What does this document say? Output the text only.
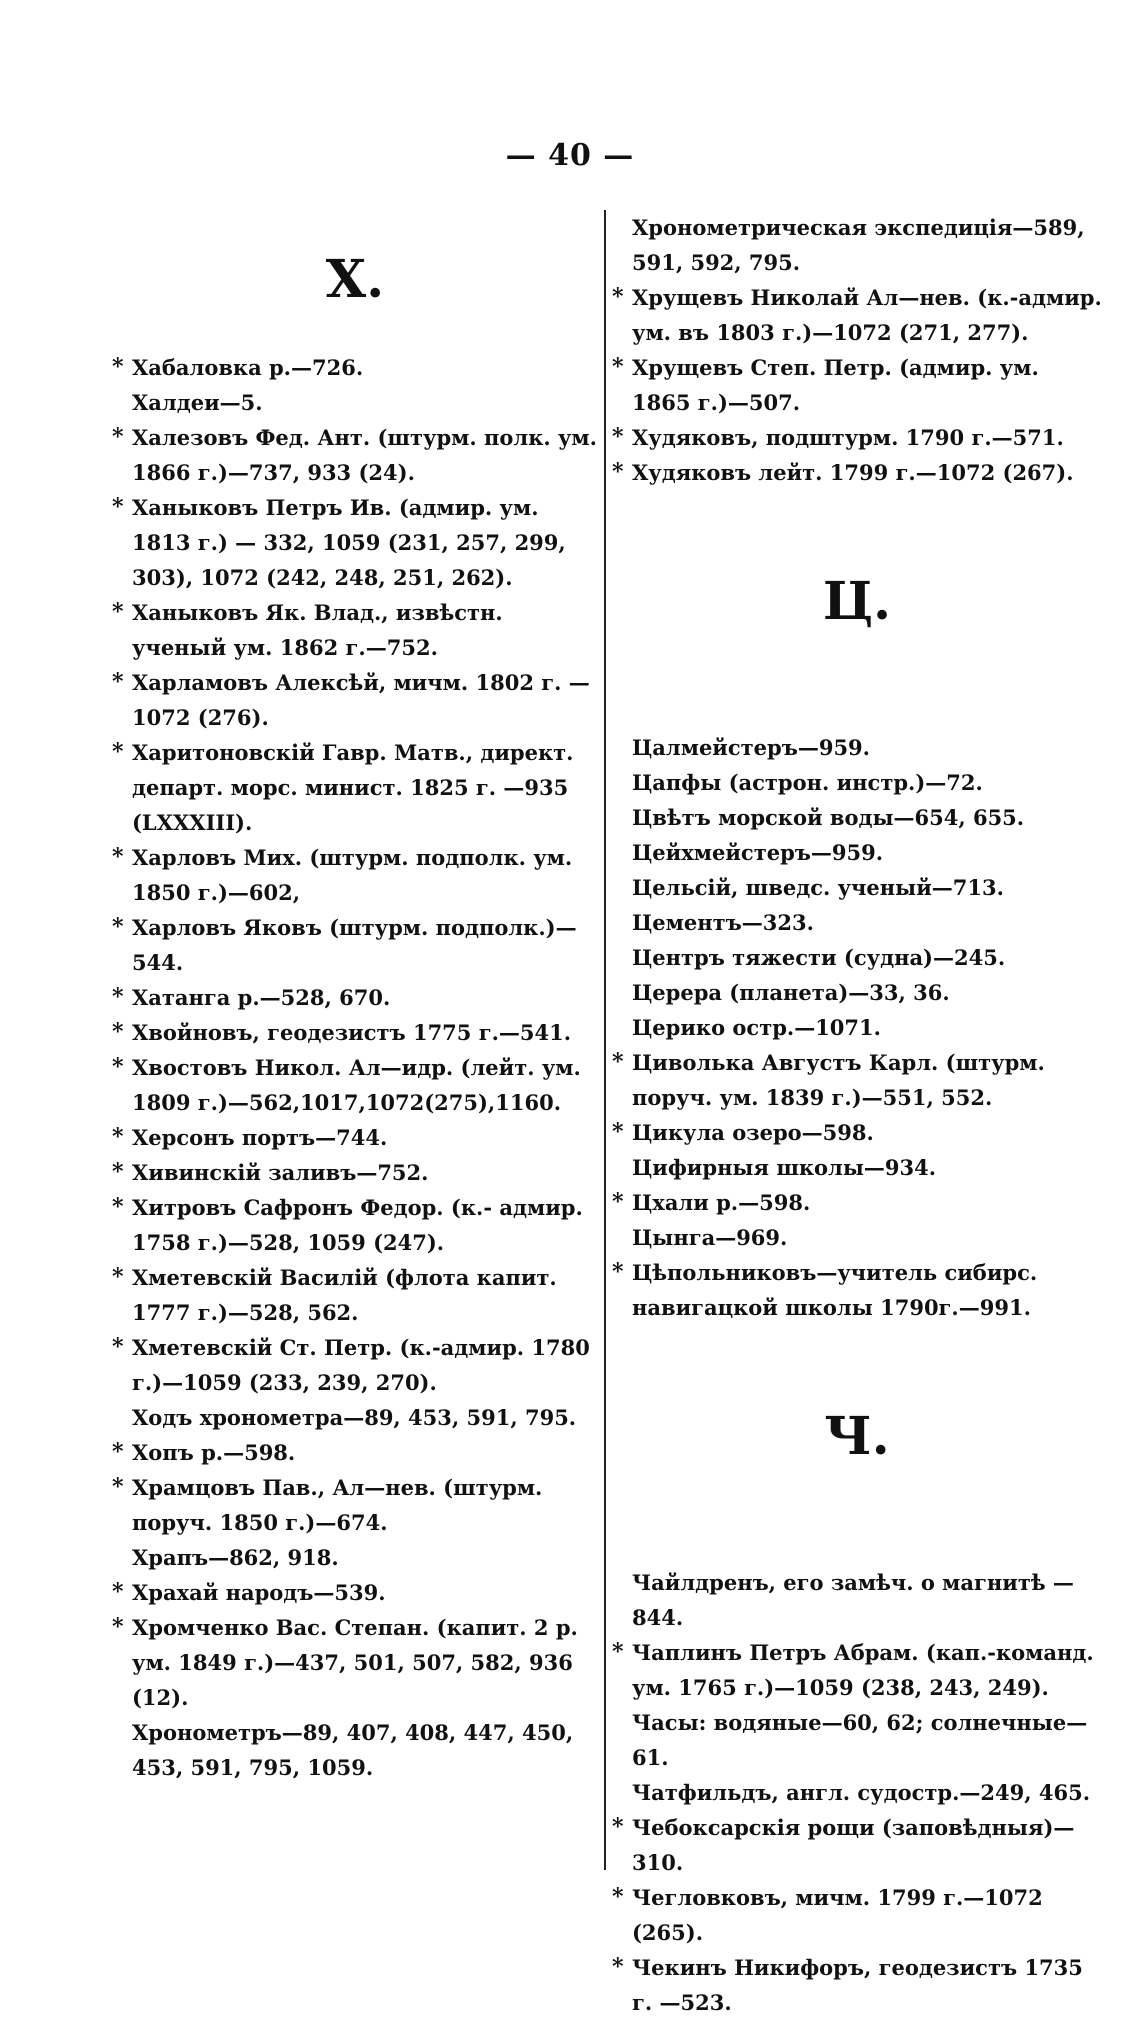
— 40 —
Х.
* Хабаловка р.—726.
Халдеи—5.
* Халезовъ Фед. Ант. (штурм. полк. ум. 1866 г.)—737, 933 (24).
* Ханыковъ Петръ Ив. (адмир. ум. 1813 г.) — 332, 1059 (231, 257, 299, 303), 1072 (242, 248, 251, 262).
* Ханыковъ Як. Влад., извѣстн. ученый ум. 1862 г.—752.
* Харламовъ Алексѣй, мичм. 1802 г. —1072 (276).
* Харитоновскій Гавр. Матв., директ. департ. морс. минист. 1825 г. —935 (LXXXIII).
* Харловъ Мих. (штурм. подполк. ум. 1850 г.)—602,
* Харловъ Яковъ (штурм. подполк.)— 544.
* Хатанга р.—528, 670.
* Хвойновъ, геодезистъ 1775 г.—541.
* Хвостовъ Никол. Ал—идр. (лейт. ум. 1809 г.)—562,1017,1072(275),1160.
* Херсонъ портъ—744.
* Хивинскій заливъ—752.
* Хитровъ Сафронъ Федор. (к.- адмир. 1758 г.)—528, 1059 (247).
* Хметевскій Василій (флота капит. 1777 г.)—528, 562.
* Хметевскій Ст. Петр. (к.-адмир. 1780 г.)—1059 (233, 239, 270).
Ходъ хронометра—89, 453, 591, 795.
* Хопъ р.—598.
* Храмцовъ Пав., Ал—нев. (штурм. поруч. 1850 г.)—674.
Храпъ—862, 918.
* Храхай народъ—539.
* Хромченко Вас. Степан. (капит. 2 р. ум. 1849 г.)—437, 501, 507, 582, 936 (12).
Хронометръ—89, 407, 408, 447, 450, 453, 591, 795, 1059.
Хронометрическая экспедиція—589, 591, 592, 795.
* Хрущевъ Николай Ал—нев. (к.-адмир. ум. въ 1803 г.)—1072 (271, 277).
* Хрущевъ Степ. Петр. (адмир. ум. 1865 г.)—507.
* Худяковъ, подштурм. 1790 г.—571.
* Худяковъ лейт. 1799 г.—1072 (267).
Ц.
Цалмейстеръ—959.
Цапфы (астрон. инстр.)—72.
Цвѣтъ морской воды—654, 655.
Цейхмейстеръ—959.
Цельсій, шведс. ученый—713.
Цементъ—323.
Центръ тяжести (судна)—245.
Церера (планета)—33, 36.
Церико остр.—1071.
* Циволька Августъ Карл. (штурм. поруч. ум. 1839 г.)—551, 552.
* Цикула озеро—598.
Цифирныя школы—934.
* Цхали р.—598.
Цынга—969.
* Цѣпольниковъ—учитель сибирс. навигацкой школы 1790г.—991.
Ч.
Чайлдренъ, его замѣч. о магнитѣ —844.
* Чаплинъ Петръ Абрам. (кап.-команд. ум. 1765 г.)—1059 (238, 243, 249).
Часы: водяные—60, 62; солнечные—61.
Чатфильдъ, англ. судостр.—249, 465.
* Чебоксарскія рощи (заповѣдныя)—310.
* Чегловковъ, мичм. 1799 г.—1072 (265).
* Чекинъ Никифоръ, геодезистъ 1735 г. —523.
